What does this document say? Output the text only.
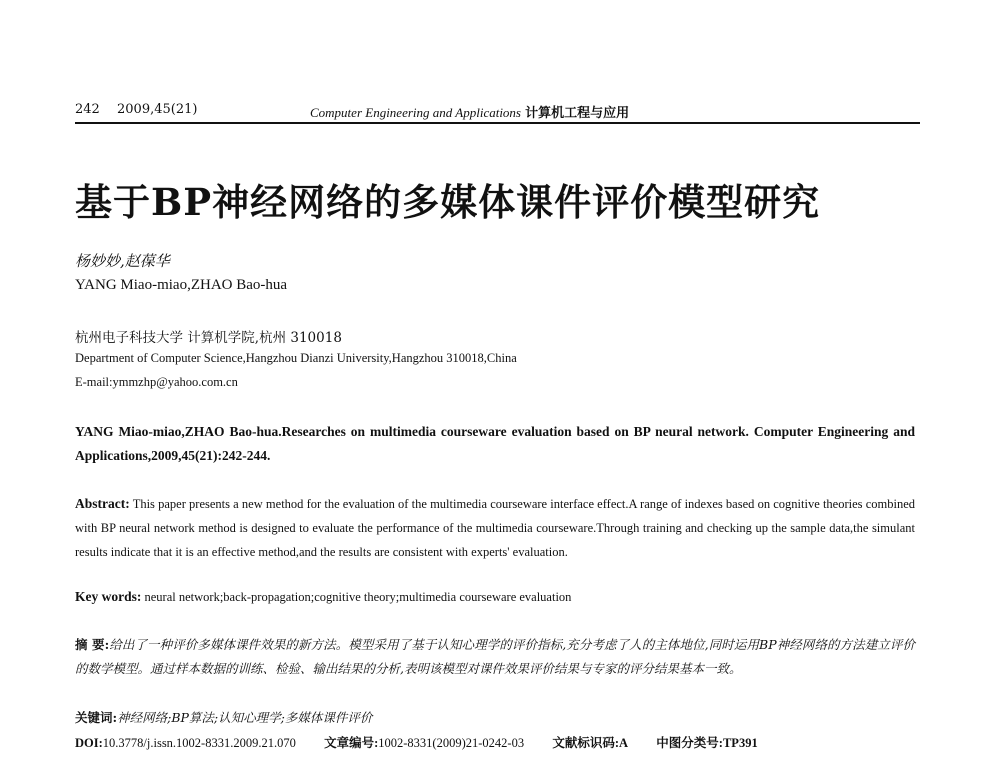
242 2009,45(21)	Computer Engineering and Applications 计算机工程与应用
基于BP神经网络的多媒体课件评价模型研究
杨妙妙,赵葆华
YANG Miao-miao,ZHAO Bao-hua
杭州电子科技大学 计算机学院,杭州 310018
Department of Computer Science,Hangzhou Dianzi University,Hangzhou 310018,China
E-mail:ymmzhp@yahoo.com.cn
YANG Miao-miao,ZHAO Bao-hua.Researches on multimedia courseware evaluation based on BP neural network. Computer Engineering and Applications,2009,45(21):242-244.
Abstract: This paper presents a new method for the evaluation of the multimedia courseware interface effect.A range of indexes based on cognitive theories combined with BP neural network method is designed to evaluate the performance of the multimedia courseware.Through training and checking up the sample data,the simulant results indicate that it is an effective method,and the results are consistent with experts' evaluation.
Key words: neural network;back-propagation;cognitive theory;multimedia courseware evaluation
摘 要:给出了一种评价多媒体课件效果的新方法。模型采用了基于认知心理学的评价指标,充分考虑了人的主体地位,同时运用BP神经网络的方法建立评价的数学模型。通过样本数据的训练、检验、输出结果的分析,表明该模型对课件效果评价结果与专家的评分结果基本一致。
关键词:神经网络;BP算法;认知心理学;多媒体课件评价
DOI:10.3778/j.issn.1002-8331.2009.21.070 文章编号:1002-8331(2009)21-0242-03 文献标识码:A 中图分类号:TP391
